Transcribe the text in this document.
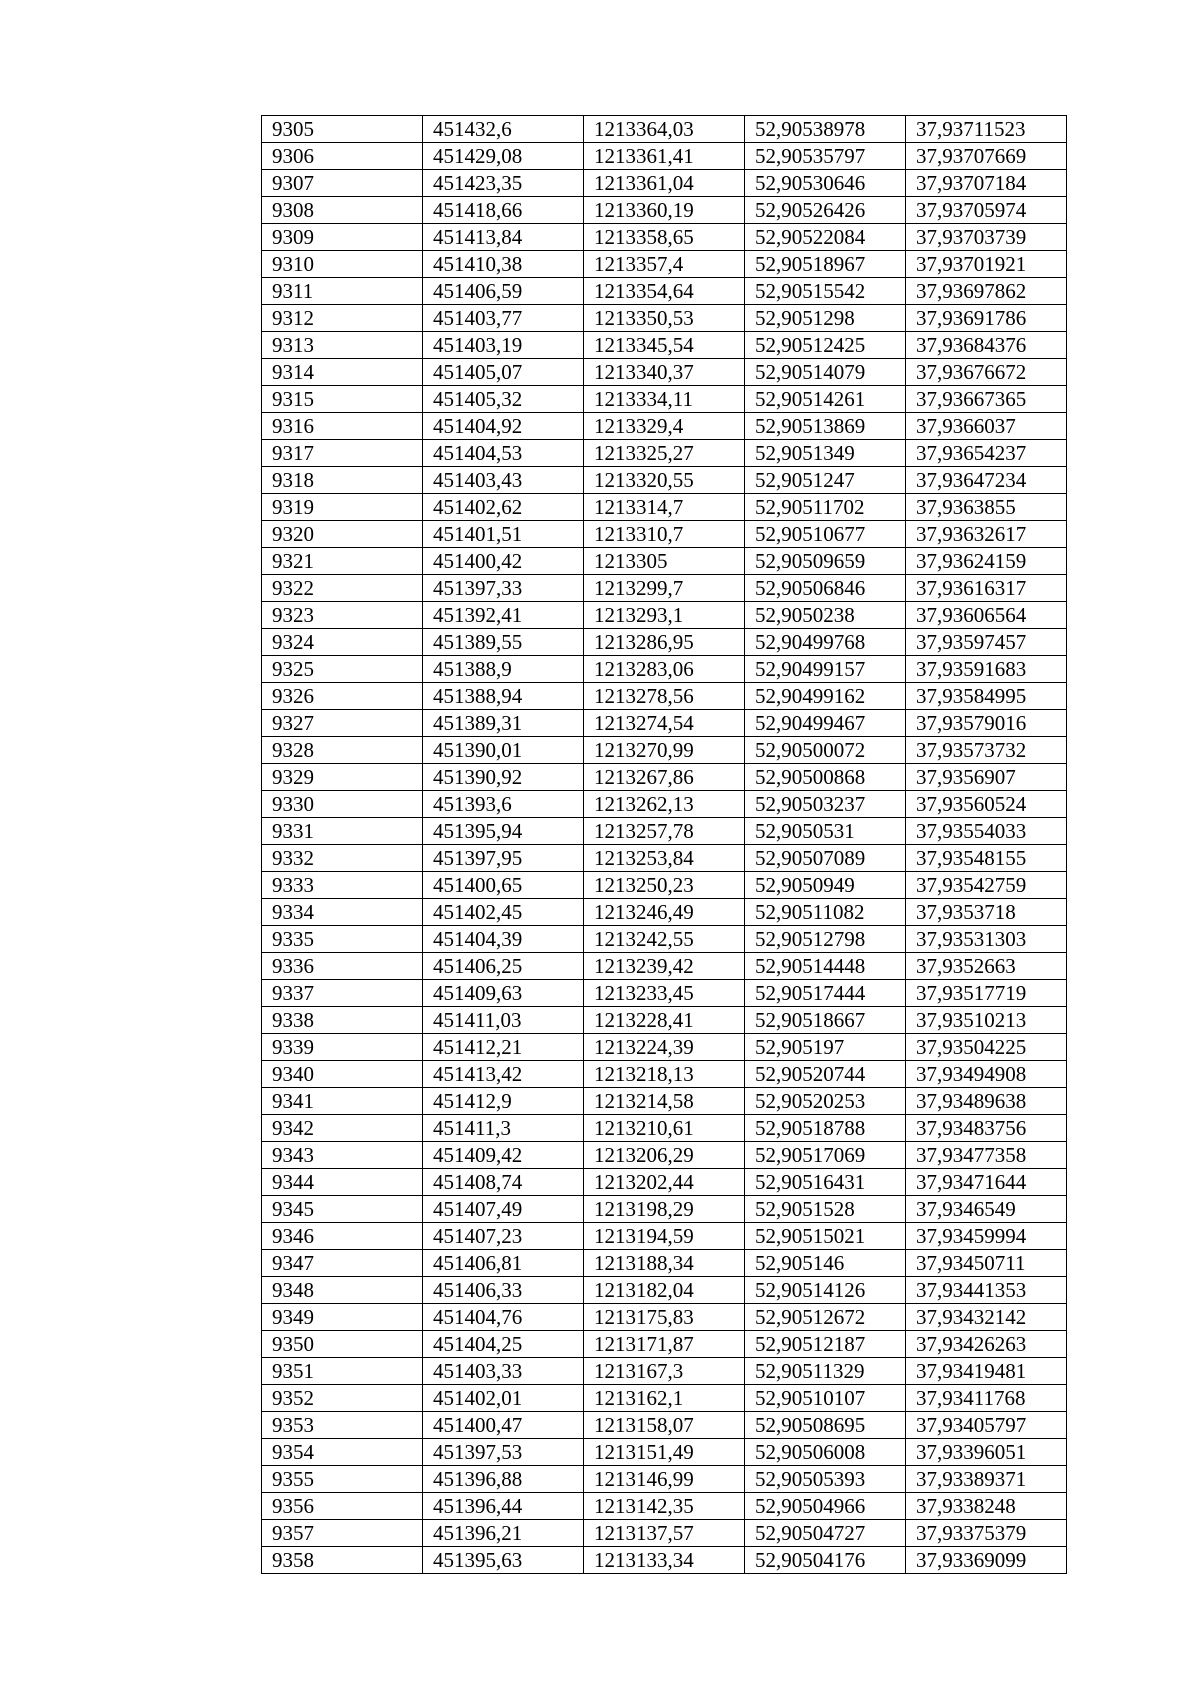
9305	451432,6	1213364,03	52,90538978	37,93711523
9306	451429,08	1213361,41	52,90535797	37,93707669
9307	451423,35	1213361,04	52,90530646	37,93707184
9308	451418,66	1213360,19	52,90526426	37,93705974
9309	451413,84	1213358,65	52,90522084	37,93703739
9310	451410,38	1213357,4	52,90518967	37,93701921
9311	451406,59	1213354,64	52,90515542	37,93697862
9312	451403,77	1213350,53	52,9051298	37,93691786
9313	451403,19	1213345,54	52,90512425	37,93684376
9314	451405,07	1213340,37	52,90514079	37,93676672
9315	451405,32	1213334,11	52,90514261	37,93667365
9316	451404,92	1213329,4	52,90513869	37,9366037
9317	451404,53	1213325,27	52,9051349	37,93654237
9318	451403,43	1213320,55	52,9051247	37,93647234
9319	451402,62	1213314,7	52,90511702	37,9363855
9320	451401,51	1213310,7	52,90510677	37,93632617
9321	451400,42	1213305	52,90509659	37,93624159
9322	451397,33	1213299,7	52,90506846	37,93616317
9323	451392,41	1213293,1	52,9050238	37,93606564
9324	451389,55	1213286,95	52,90499768	37,93597457
9325	451388,9	1213283,06	52,90499157	37,93591683
9326	451388,94	1213278,56	52,90499162	37,93584995
9327	451389,31	1213274,54	52,90499467	37,93579016
9328	451390,01	1213270,99	52,90500072	37,93573732
9329	451390,92	1213267,86	52,90500868	37,9356907
9330	451393,6	1213262,13	52,90503237	37,93560524
9331	451395,94	1213257,78	52,9050531	37,93554033
9332	451397,95	1213253,84	52,90507089	37,93548155
9333	451400,65	1213250,23	52,9050949	37,93542759
9334	451402,45	1213246,49	52,90511082	37,9353718
9335	451404,39	1213242,55	52,90512798	37,93531303
9336	451406,25	1213239,42	52,90514448	37,9352663
9337	451409,63	1213233,45	52,90517444	37,93517719
9338	451411,03	1213228,41	52,90518667	37,93510213
9339	451412,21	1213224,39	52,905197	37,93504225
9340	451413,42	1213218,13	52,90520744	37,93494908
9341	451412,9	1213214,58	52,90520253	37,93489638
9342	451411,3	1213210,61	52,90518788	37,93483756
9343	451409,42	1213206,29	52,90517069	37,93477358
9344	451408,74	1213202,44	52,90516431	37,93471644
9345	451407,49	1213198,29	52,9051528	37,9346549
9346	451407,23	1213194,59	52,90515021	37,93459994
9347	451406,81	1213188,34	52,905146	37,93450711
9348	451406,33	1213182,04	52,90514126	37,93441353
9349	451404,76	1213175,83	52,90512672	37,93432142
9350	451404,25	1213171,87	52,90512187	37,93426263
9351	451403,33	1213167,3	52,90511329	37,93419481
9352	451402,01	1213162,1	52,90510107	37,93411768
9353	451400,47	1213158,07	52,90508695	37,93405797
9354	451397,53	1213151,49	52,90506008	37,93396051
9355	451396,88	1213146,99	52,90505393	37,93389371
9356	451396,44	1213142,35	52,90504966	37,9338248
9357	451396,21	1213137,57	52,90504727	37,93375379
9358	451395,63	1213133,34	52,90504176	37,93369099
